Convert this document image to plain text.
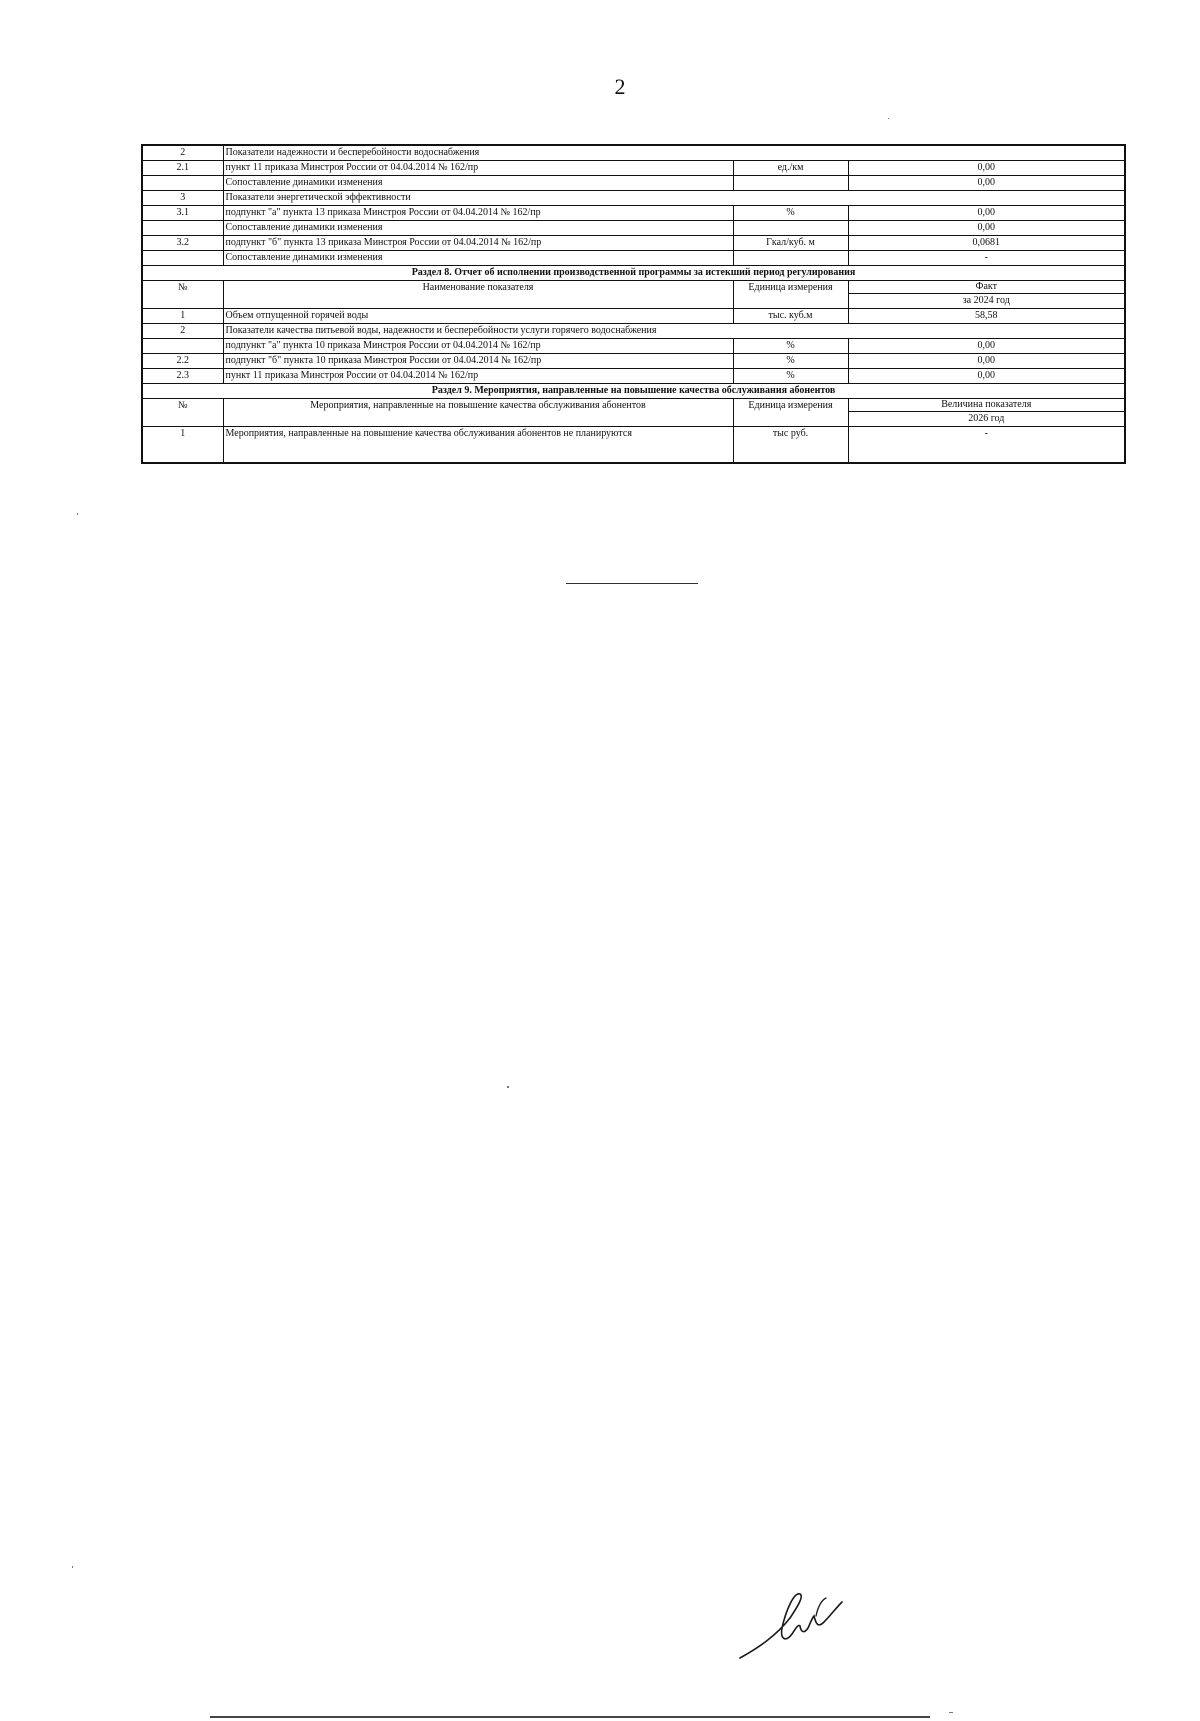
2
2	Показатели надежности и бесперебойности водоснабжения		
2.1	пункт 11 приказа Минстроя России от 04.04.2014 № 162/пр	ед./км	0,00
	Сопоставление динамики изменения		0,00
3	Показатели энергетической эффективности		
3.1	подпункт "а" пункта 13 приказа Минстроя России от 04.04.2014 № 162/пр	%	0,00
	Сопоставление динамики изменения		0,00
3.2	подпункт "б" пункта 13 приказа Минстроя России от 04.04.2014 № 162/пр	Гкал/куб. м	0,0681
	Сопоставление динамики изменения		-
Раздел 8. Отчет об исполнении производственной программы за истекший период регулирования			
№	Наименование показателя	Единица измерения	Факт
за 2024 год

1	Объем отпущенной горячей воды	тыс. куб.м	58,58
2	Показатели качества питьевой воды, надежности и бесперебойности услуги горячего водоснабжения		
	подпункт "а" пункта 10 приказа Минстроя России от 04.04.2014 № 162/пр	%	0,00
2.2	подпункт "б" пункта 10 приказа Минстроя России от 04.04.2014 № 162/пр	%	0,00
2.3	пункт 11 приказа Минстроя России от 04.04.2014 № 162/пр	%	0,00
Раздел 9. Мероприятия, направленные на повышение качества обслуживания абонентов			
№	Мероприятия, направленные на повышение качества обслуживания абонентов	Единица измерения	Величина показателя
2026 год

1	Мероприятия, направленные на повышение качества обслуживания абонентов не планируются	тыс руб.	-
